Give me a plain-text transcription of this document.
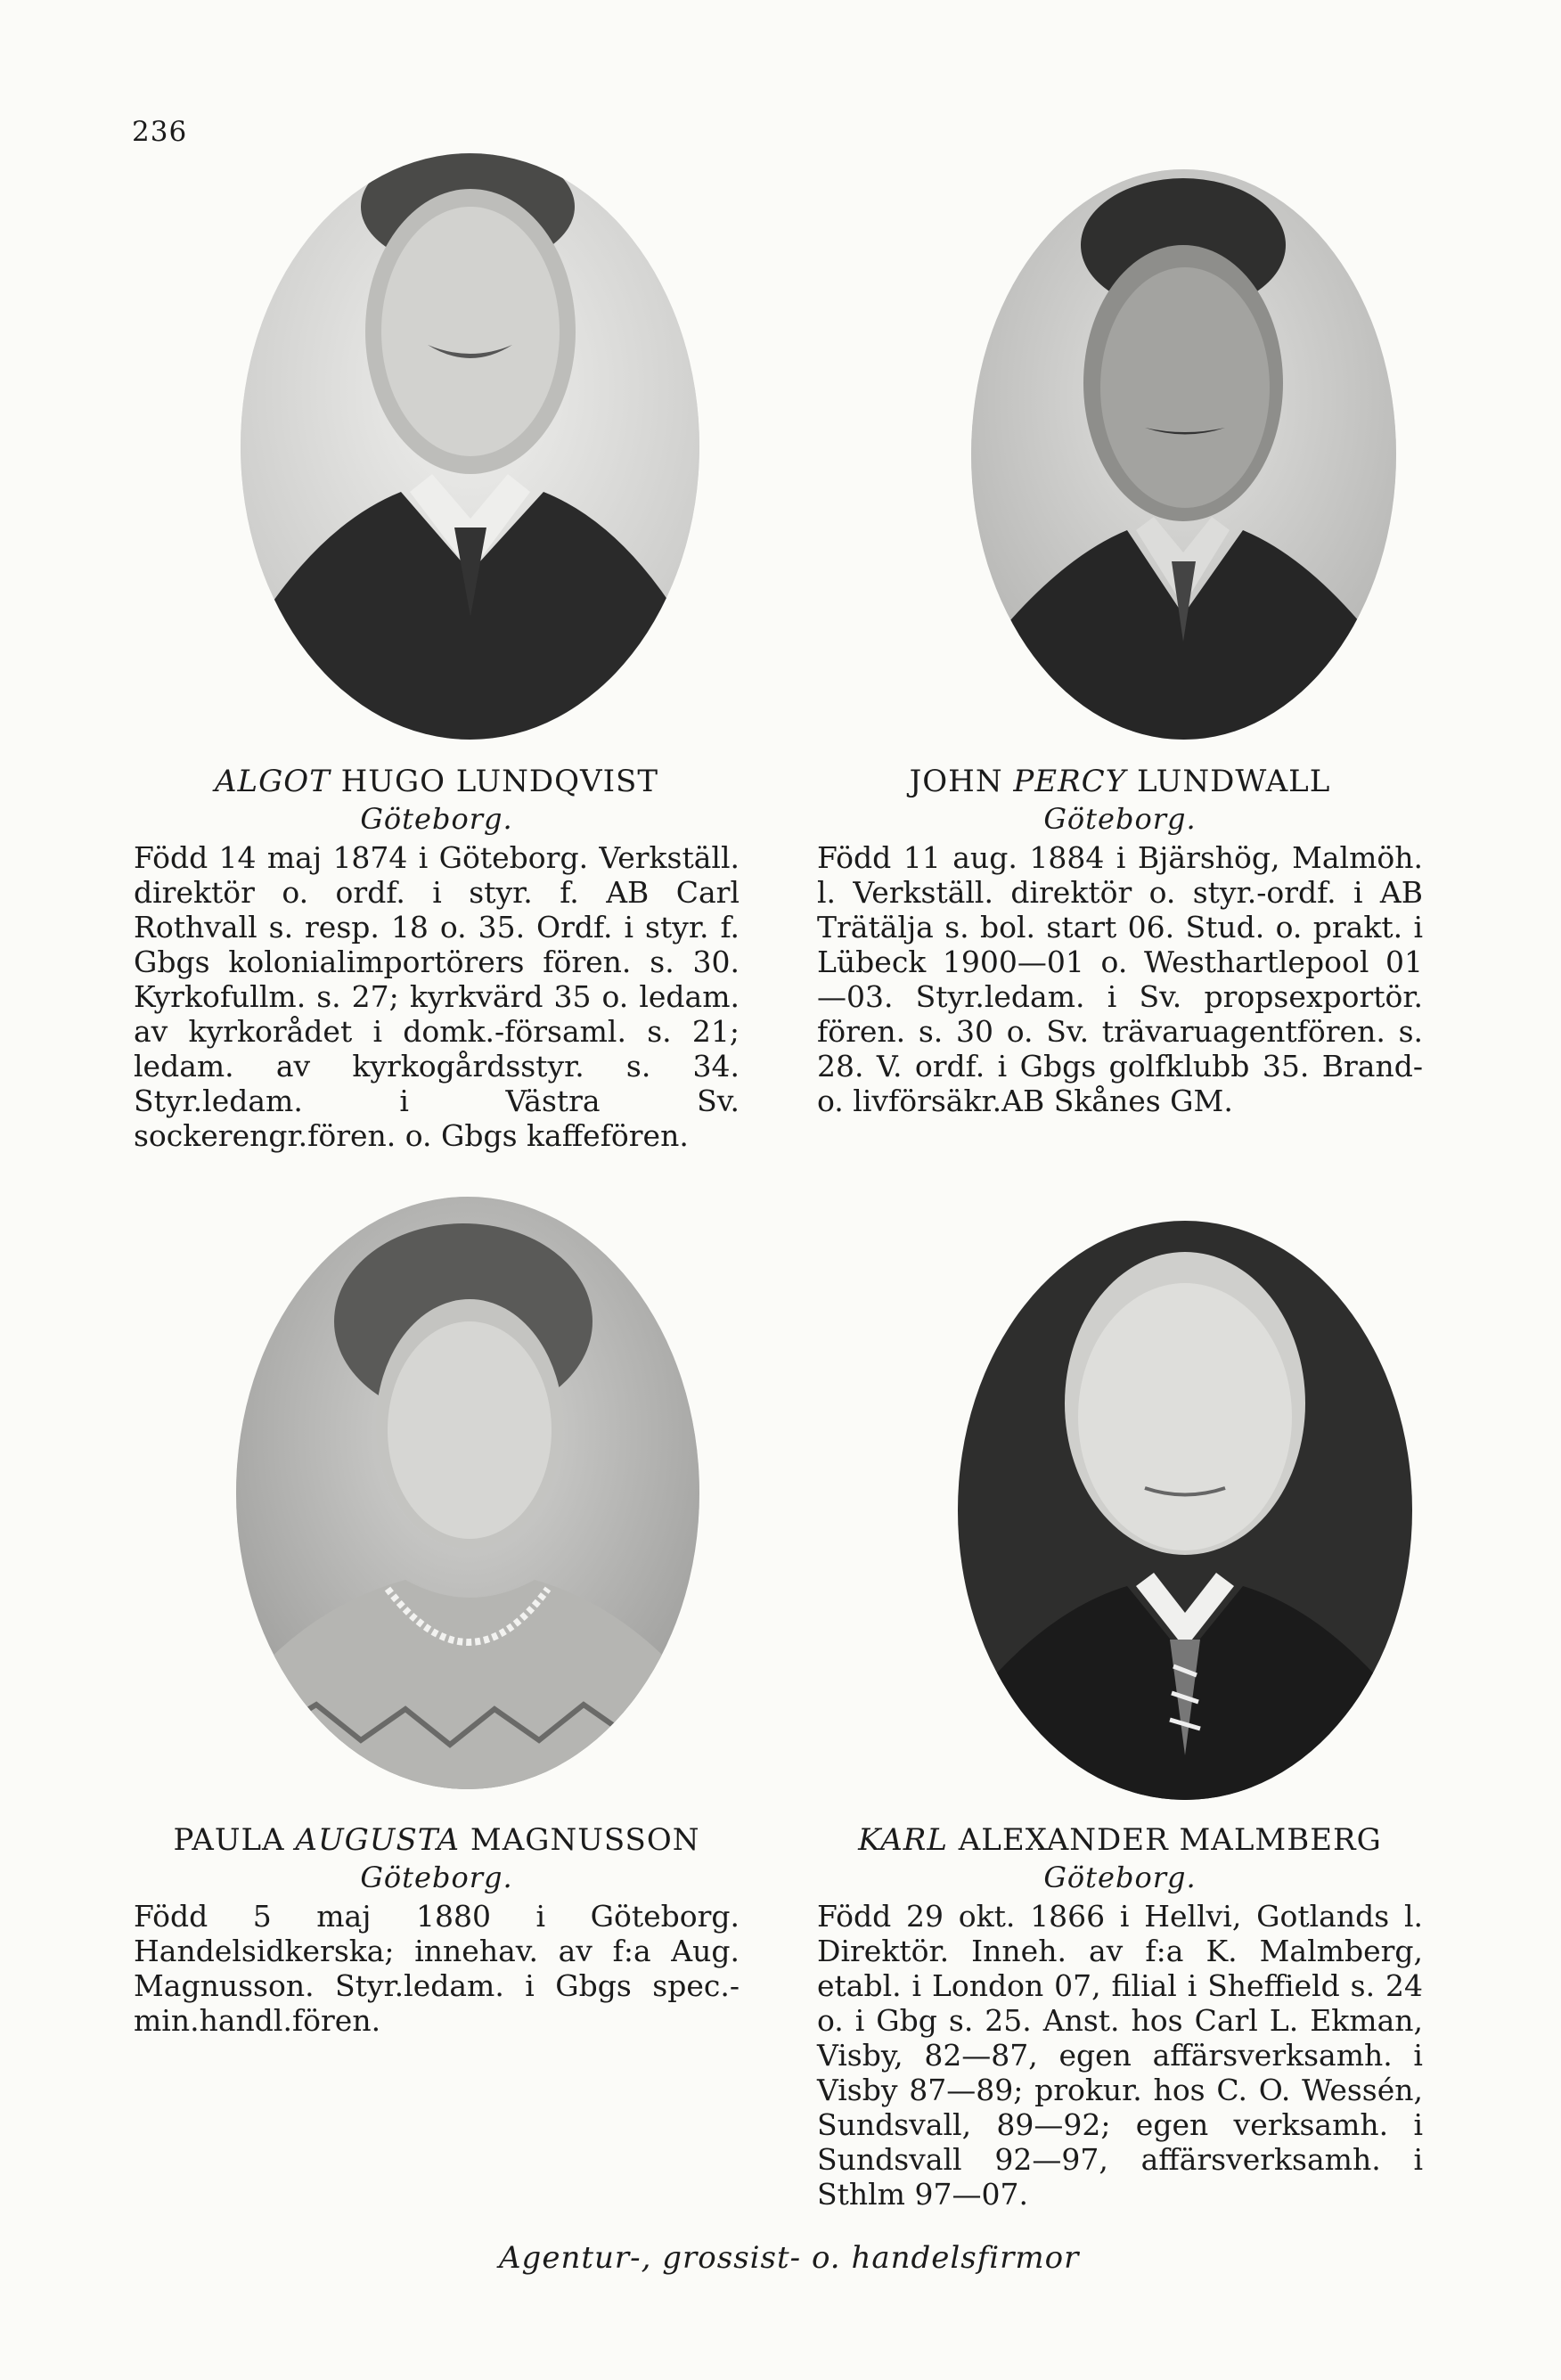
236
ALGOT HUGO LUNDQVIST
Göteborg.
Född 14 maj 1874 i Göteborg. Verkställ. direktör o. ordf. i styr. f. AB Carl Rothvall s. resp. 18 o. 35. Ordf. i styr. f. Gbgs kolonialimportörers fören. s. 30. Kyrkofullm. s. 27; kyrkvärd 35 o. ledam. av kyrkorådet i domk.-församl. s. 21; ledam. av kyrkogårdsstyr. s. 34. Styr.ledam. i Västra Sv. sockerengr.fören. o. Gbgs kaffefören.
JOHN PERCY LUNDWALL
Göteborg.
Född 11 aug. 1884 i Bjärshög, Malmöh. l. Verkställ. direktör o. styr.-ordf. i AB Trätälja s. bol. start 06. Stud. o. prakt. i Lübeck 1900—01 o. Westhartlepool 01—03. Styr.ledam. i Sv. propsexportör. fören. s. 30 o. Sv. trävaruagentfören. s. 28. V. ordf. i Gbgs golfklubb 35. Brand- o. livförsäkr.AB Skånes GM.
PAULA AUGUSTA MAGNUSSON
Göteborg.
Född 5 maj 1880 i Göteborg. Handelsidkerska; innehav. av f:a Aug. Magnusson. Styr.ledam. i Gbgs spec.-min.handl.fören.
KARL ALEXANDER MALMBERG
Göteborg.
Född 29 okt. 1866 i Hellvi, Gotlands l. Direktör. Inneh. av f:a K. Malmberg, etabl. i London 07, filial i Sheffield s. 24 o. i Gbg s. 25. Anst. hos Carl L. Ekman, Visby, 82—87, egen affärsverksamh. i Visby 87—89; prokur. hos C. O. Wessén, Sundsvall, 89—92; egen verksamh. i Sundsvall 92—97, affärsverksamh. i Sthlm 97—07.
Agentur-, grossist- o. handelsfirmor
